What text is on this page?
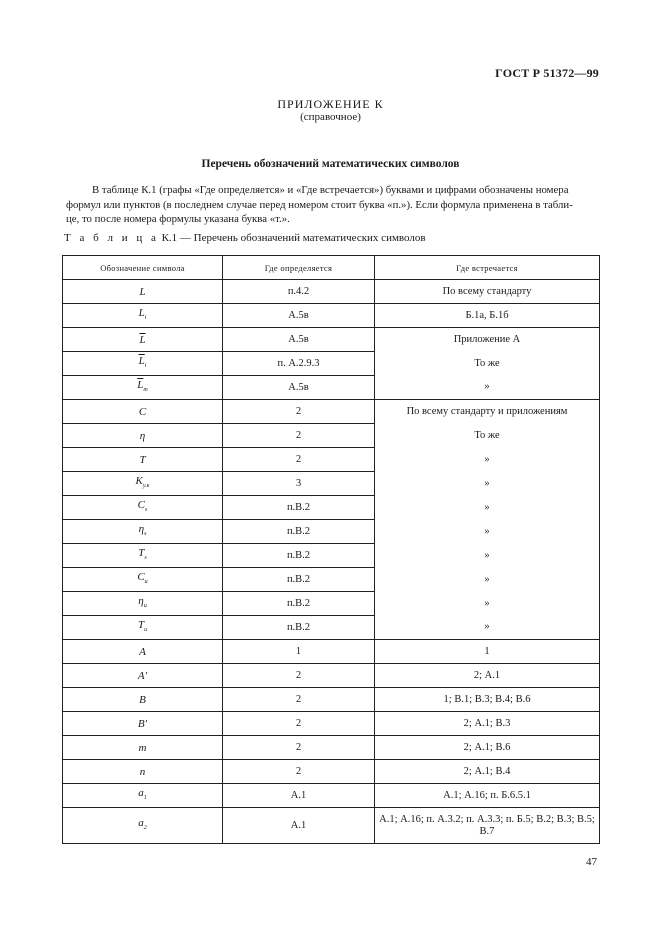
ГОСТ Р 51372—99
ПРИЛОЖЕНИЕ К
(справочное)
Перечень обозначений математических символов
В таблице К.1 (графы «Где определяется» и «Где встречается») буквами и цифрами обозначены номера
формул или пунктов (в последнем случае перед номером стоит буква «п.»). Если формула применена в табли-
це, то после номера формулы указана буква «т.».
Т а б л и ц а К.1 — Перечень обозначений математических символов
Обозначение символа	Где определяется	Где встречается
L	п.4.2	По всему стандарту
$L_i$	А.5в	Б.1а, Б.1б
$\overline{L}$	А.5в	Приложение А
$\overline{L}_i$	п. А.2.9.3	То же
$\overline{L}_m$	А.5в	»
C	2	По всему стандарту и приложениям
η	2	То же
T	2	»
$K_{у.к}$	3	»
$C_s$	п.В.2	»
$\eta_s$	п.В.2	»
$T_s$	п.В.2	»
$C_u$	п.В.2	»
$\eta_u$	п.В.2	»
$T_u$	п.В.2	»
A	1	1
A′	2	2; А.1
B	2	1; В.1; В.3; В.4; В.6
B′	2	2; А.1; В.3
m	2	2; А.1; В.6
n	2	2; А.1; В.4
$a_1$	А.1	А.1; А.16; п. Б.6.5.1
$a_2$	А.1	А.1; А.16; п. А.3.2; п. А.3.3; п. Б.5; В.2; В.3; В.5; В.7
47
